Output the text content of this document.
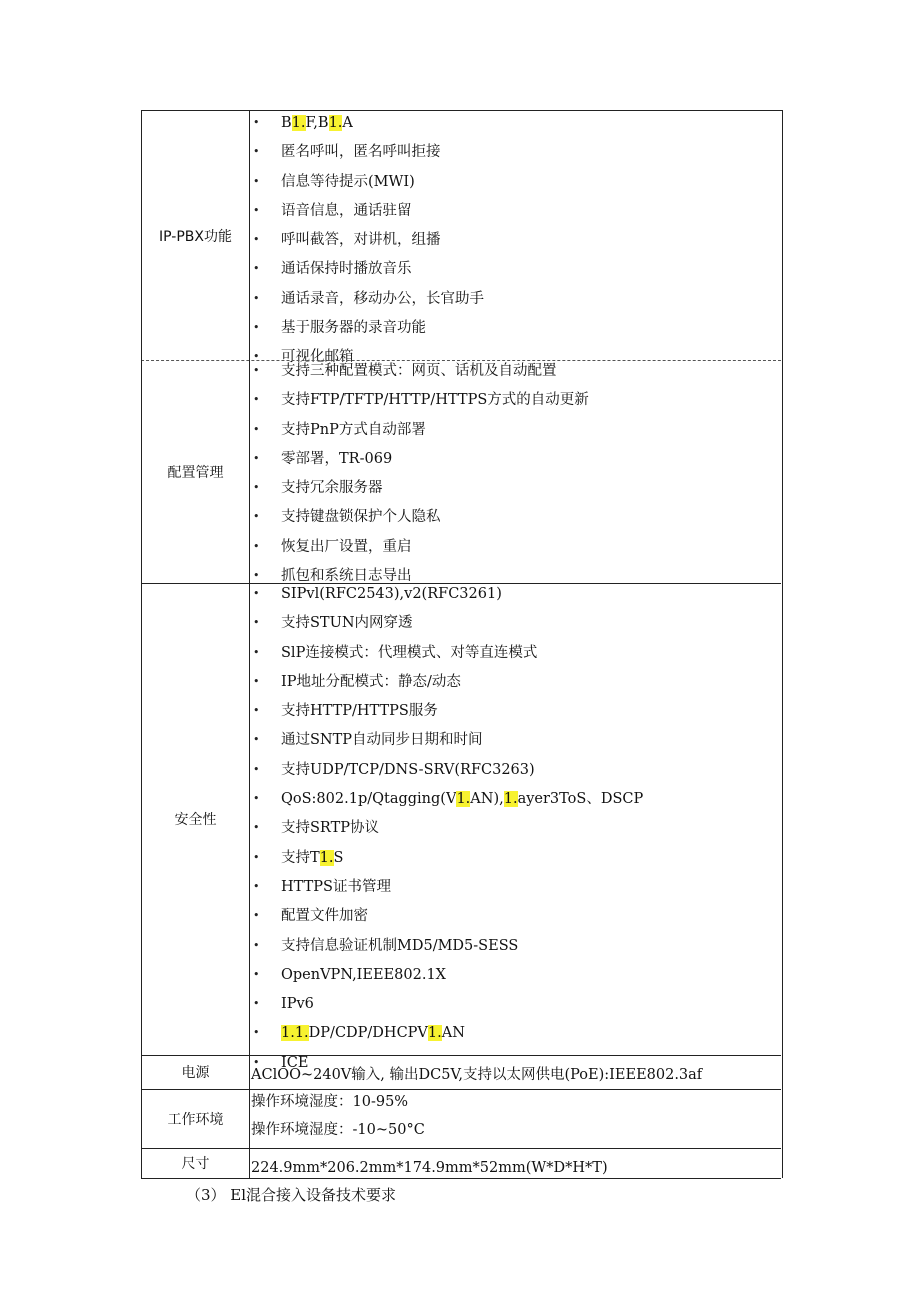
IP-PBX功能
• B1.F,B1.A
• 匿名呼叫，匿名呼叫拒接
• 信息等待提示(MWI)
• 语音信息，通话驻留
• 呼叫截答，对讲机，组播
• 通话保持时播放音乐
• 通话录音，移动办公，长官助手
• 基于服务器的录音功能
• 可视化邮箱
配置管理
• 支持三种配置模式：网页、话机及自动配置
• 支持FTP/TFTP/HTTP/HTTPS方式的自动更新
• 支持PnP方式自动部署
• 零部署，TR-069
• 支持冗余服务器
• 支持键盘锁保护个人隐私
• 恢复出厂设置，重启
• 抓包和系统日志导出
安全性
• SIPvl(RFC2543),v2(RFC3261)
• 支持STUN内网穿透
• SlP连接模式：代理模式、对等直连模式
• IP地址分配模式：静态/动态
• 支持HTTP/HTTPS服务
• 通过SNTP自动同步日期和时间
• 支持UDP/TCP/DNS-SRV(RFC3263)
• QoS:802.1p/Qtagging(V1.AN),1.ayer3ToS、DSCP
• 支持SRTP协议
• 支持T1.S
• HTTPS证书管理
• 配置文件加密
• 支持信息验证机制MD5/MD5-SESS
• OpenVPN,IEEE802.1X
• IPv6
• 1.1.DP/CDP/DHCPV1.AN
• ICE
电源	AClOO~240V输入, 输出DC5V,支持以太网供电(PoE):IEEE802.3af
工作环境
操作环境湿度：10-95%
操作环境湿度：-10~50°C
尺寸	224.9mm*206.2mm*174.9mm*52mm(W*D*H*T)
（3） El混合接入设备技术要求
